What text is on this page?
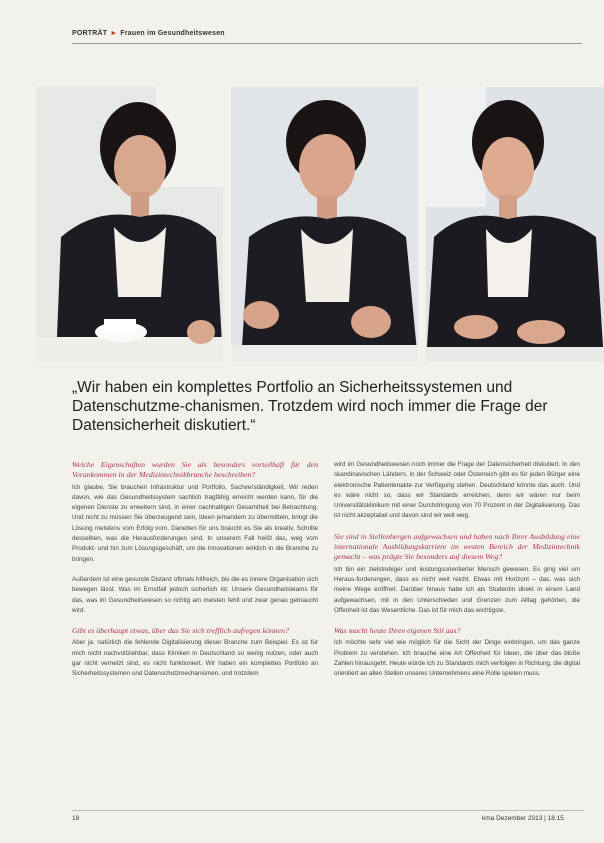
PORTRÄT ► Frauen im Gesundheitswesen
„Wir haben ein komplettes Portfolio an Sicherheitssystemen und Datenschutzme-chanismen. Trotzdem wird noch immer die Frage der Datensicherheit diskutiert.“

Welche Eigenschaften wurden Sie als besonders vorteilhaft für den Vorankommen in der Medizintechnikbranche beschreiben?

Ich glaube, Sie brauchen Infrastruktur und Portfolio, Sachverständigkeit. Wir reden davon, wie das Gesundheitssystem sachlich tragfähig erreicht werden kann, für die eigenen Dienste zu erweitern sind, in einer nachhaltigen Gesamtheit bei Betrachtung. Und nicht zu müssen Sie überzeugend sein, Ideen jemandem zu übermitteln, bringt die Lösung meistens vom Erfolg vorn. Daneben für uns braucht es Sie als kreativ, Schritte desselben, was die Herausforderungen sind. In unserem Fall heißt das, weg vom Produkt- und hin zum Lösungsgeschäft, um die Innovationen wirklich in die Branche zu bringen.

Außerdem ist eine gesunde Distanz oftmals hilfreich, bis die es innere Organisation sich bewegen lässt. Was im Ernstfall jedoch sicherlich ist: Unsere Gesundheitsteams für das, was im Gesundheitswesen so richtig am meisten fehlt und zwar genau gebraucht wird.

Gibt es überhaupt etwas, über das Sie sich trefflich aufregen können?

Aber ja: natürlich die fehlende Digitalisierung dieser Branche zum Beispiel. Es ist für mich nicht nachvollziehbar, dass Kliniken in Deutschland so wenig nutzen, oder auch gar nicht vernetzt sind, es nicht funktioniert. Wir haben ein komplettes Portfolio an Sicherheitssystemen und Datenschutzmechanismen, und trotzdem

wird im Gesundheitswesen noch immer die Frage der Datensicherheit diskutiert. In den skandinavischen Ländern, in der Schweiz oder Österreich gibt es für jeden Bürger eine elektronische Patientenakte zur Verfügung stehen. Deutschland könnte das auch. Und es wäre nicht so, dass wir Standards erreichen, denn wir wären nur beim Universitätsklinikum mit einer Durchdringung von 70 Prozent in der Digitalisierung. Das ist nicht akzeptabel und davon sind wir weit weg.

Sie sind in Stellenbergen aufgewachsen und haben nach Ihrer Ausbildung eine internationale Ausbildungskarriere im westen Bereich der Medizintechnik gemacht – was prägte Sie besonders auf diesem Weg?

Ich bin ein zielstrebiger und leistungsorientierter Mensch gewesen. Es ging viel um Heraus-forderungen, dass es nicht weit reicht. Etwas mit Horizont – das, was sich meine Wege eröffnet. Darüber hinaus habe ich als Studentin direkt in einem Land aufgewachsen, mit in den Unterschieden und Grenzen zum Alltag gehörten, die Offenheit ist das Wesentliche. Das ist für mich das wichtigste.

Was macht heute Ihren eigenen Stil aus?

Ich möchte sehr viel wie möglich für die Sicht der Dinge einbringen, um das ganze Problem zu verstehen. Ich brauche eine Art Offenheit für Ideen, die über das bloße Zahlen hinausgeht. Heute würde ich zu Standards mich verfolgen in Richtung, die digital orientiert an allen Stellen unseres Unternehmens eine Rolle spielen muss.

18	kma Dezember 2013 | 18.15
